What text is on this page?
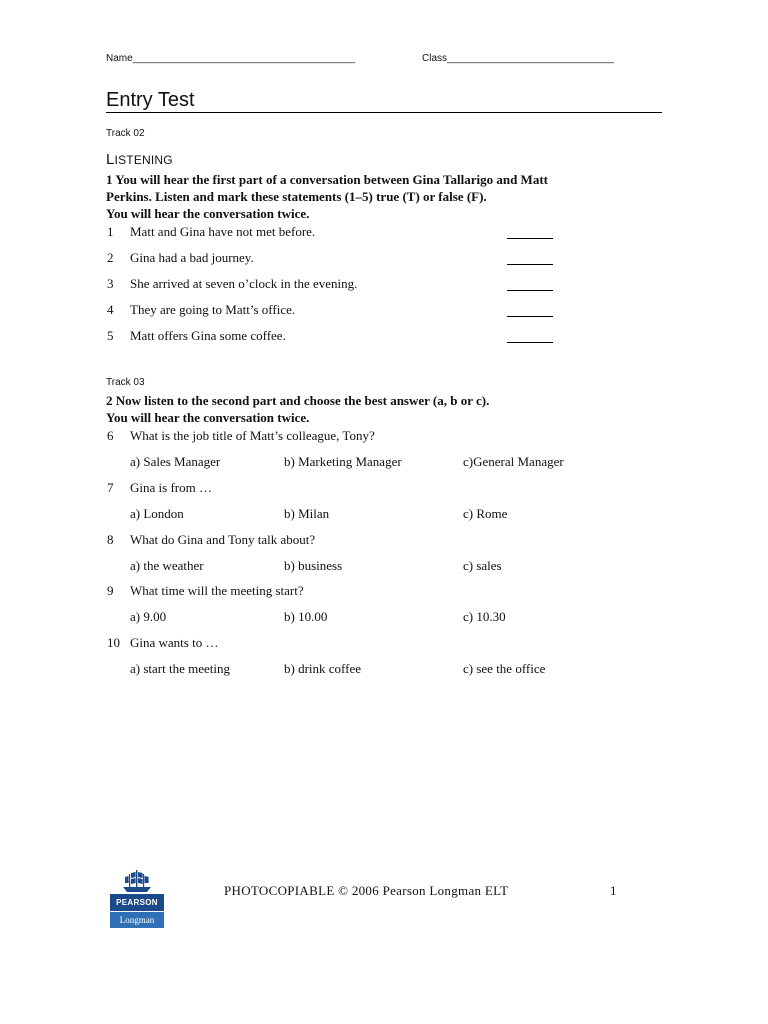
Name________________________________________	Class______________________________
Entry Test
Track 02
LISTENING
1 You will hear the first part of a conversation between Gina Tallarigo and Matt
Perkins. Listen and mark these statements (1–5) true (T) or false (F).
You will hear the conversation twice.
1 Matt and Gina have not met before.
2 Gina had a bad journey.
3 She arrived at seven o’clock in the evening.
4 They are going to Matt’s office.
5 Matt offers Gina some coffee.
Track 03
2 Now listen to the second part and choose the best answer (a, b or c).
You will hear the conversation twice.
6 What is the job title of Matt’s colleague, Tony?
a) Sales Manager	b) Marketing Manager	c)General Manager
7 Gina is from …
a) London	b) Milan	c) Rome
8 What do Gina and Tony talk about?
a) the weather	b) business	c) sales
9 What time will the meeting start?
a) 9.00	b) 10.00	c) 10.30
10 Gina wants to …
a) start the meeting	b) drink coffee	c) see the office
PEARSON
Longman
PHOTOCOPIABLE © 2006 Pearson Longman ELT	1
